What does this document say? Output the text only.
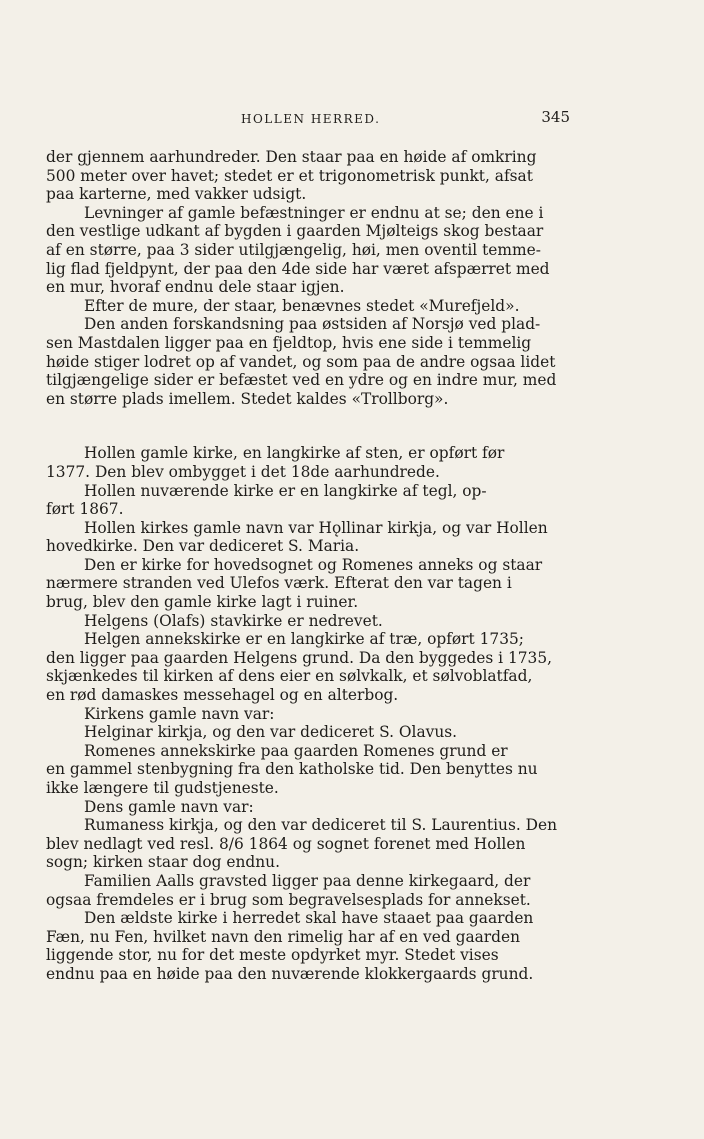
HOLLEN HERRED.	345
der gjennem aarhundreder. Den staar paa en høide af omkring
500 meter over havet; stedet er et trigonometrisk punkt, afsat
paa karterne, med vakker udsigt.
Levninger af gamle befæstninger er endnu at se; den ene i
den vestlige udkant af bygden i gaarden Mjølteigs skog bestaar
af en større, paa 3 sider utilgjængelig, høi, men oventil temme-
lig flad fjeldpynt, der paa den 4de side har været afspærret med
en mur, hvoraf endnu dele staar igjen.
Efter de mure, der staar, benævnes stedet «Murefjeld».
Den anden forskandsning paa østsiden af Norsjø ved plad-
sen Mastdalen ligger paa en fjeldtop, hvis ene side i temmelig
høide stiger lodret op af vandet, og som paa de andre ogsaa lidet
tilgjængelige sider er befæstet ved en ydre og en indre mur, med
en større plads imellem. Stedet kaldes «Trollborg».
Hollen gamle kirke, en langkirke af sten, er opført før
1377. Den blev ombygget i det 18de aarhundrede.
Hollen nuværende kirke er en langkirke af tegl, op-
ført 1867.
Hollen kirkes gamle navn var Hǫllinar kirkja, og var Hollen
hovedkirke. Den var dediceret S. Maria.
Den er kirke for hovedsognet og Romenes anneks og staar
nærmere stranden ved Ulefos værk. Efterat den var tagen i
brug, blev den gamle kirke lagt i ruiner.
Helgens (Olafs) stavkirke er nedrevet.
Helgen annekskirke er en langkirke af træ, opført 1735;
den ligger paa gaarden Helgens grund. Da den byggedes i 1735,
skjænkedes til kirken af dens eier en sølvkalk, et sølvoblatfad,
en rød damaskes messehagel og en alterbog.
Kirkens gamle navn var:
Helginar kirkja, og den var dediceret S. Olavus.
Romenes annekskirke paa gaarden Romenes grund er
en gammel stenbygning fra den katholske tid. Den benyttes nu
ikke længere til gudstjeneste.
Dens gamle navn var:
Rumaness kirkja, og den var dediceret til S. Laurentius. Den
blev nedlagt ved resl. 8/6 1864 og sognet forenet med Hollen
sogn; kirken staar dog endnu.
Familien Aalls gravsted ligger paa denne kirkegaard, der
ogsaa fremdeles er i brug som begravelsesplads for annekset.
Den ældste kirke i herredet skal have staaet paa gaarden
Fæn, nu Fen, hvilket navn den rimelig har af en ved gaarden
liggende stor, nu for det meste opdyrket myr. Stedet vises
endnu paa en høide paa den nuværende klokkergaards grund.
